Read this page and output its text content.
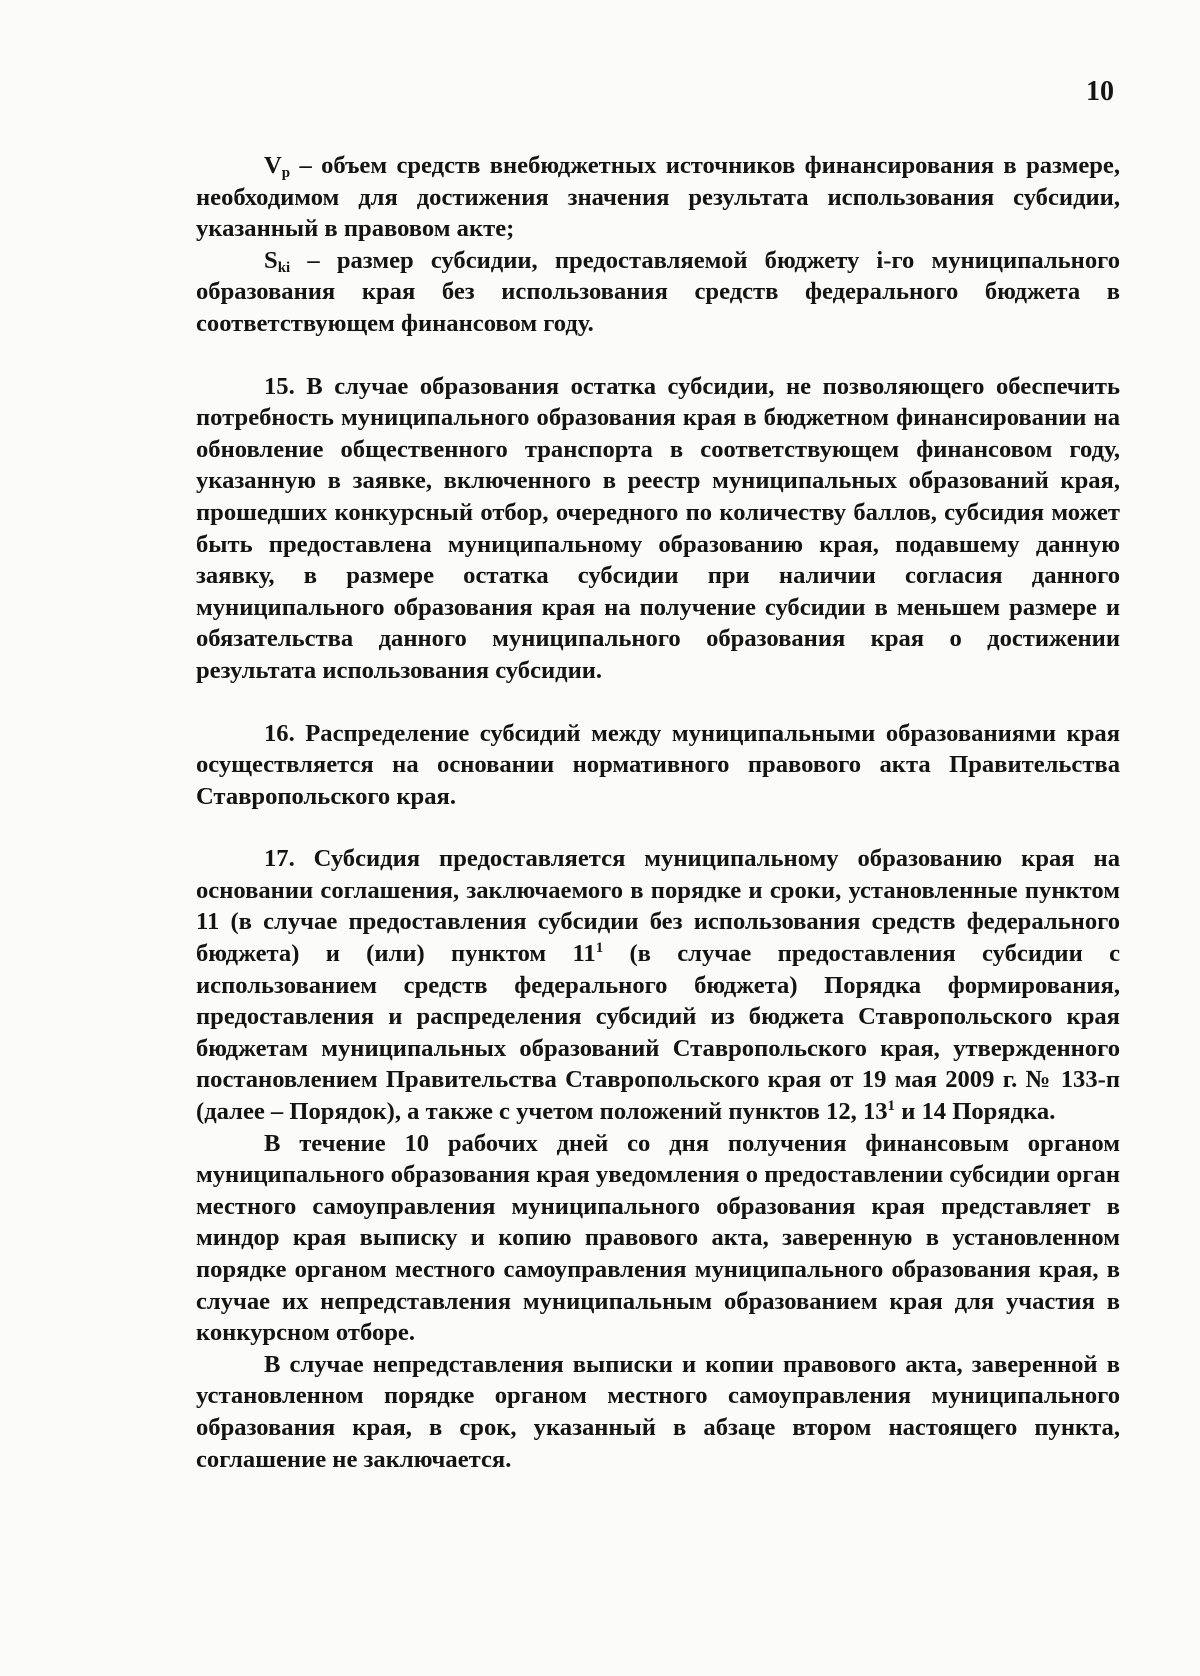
10

$V_p$ – объем средств внебюджетных источников финансирования в размере, необходимом для достижения значения результата использования субсидии, указанный в правовом акте;

$S_{ki}$ – размер субсидии, предоставляемой бюджету i-го муниципального образования края без использования средств федерального бюджета в соответствующем финансовом году.

15. В случае образования остатка субсидии, не позволяющего обеспечить потребность муниципального образования края в бюджетном финансировании на обновление общественного транспорта в соответствующем финансовом году, указанную в заявке, включенного в реестр муниципальных образований края, прошедших конкурсный отбор, очередного по количеству баллов, субсидия может быть предоставлена муниципальному образованию края, подавшему данную заявку, в размере остатка субсидии при наличии согласия данного муниципального образования края на получение субсидии в меньшем размере и обязательства данного муниципального образования края о достижении результата использования субсидии.

16. Распределение субсидий между муниципальными образованиями края осуществляется на основании нормативного правового акта Правительства Ставропольского края.

17. Субсидия предоставляется муниципальному образованию края на основании соглашения, заключаемого в порядке и сроки, установленные пунктом 11 (в случае предоставления субсидии без использования средств федерального бюджета) и (или) пунктом $11^1$ (в случае предоставления субсидии с использованием средств федерального бюджета) Порядка формирования, предоставления и распределения субсидий из бюджета Ставропольского края бюджетам муниципальных образований Ставропольского края, утвержденного постановлением Правительства Ставропольского края от 19 мая 2009 г. № 133-п (далее – Порядок), а также с учетом положений пунктов 12, $13^1$ и 14 Порядка.

В течение 10 рабочих дней со дня получения финансовым органом муниципального образования края уведомления о предоставлении субсидии орган местного самоуправления муниципального образования края представляет в миндор края выписку и копию правового акта, заверенную в установленном порядке органом местного самоуправления муниципального образования края, в случае их непредставления муниципальным образованием края для участия в конкурсном отборе.

В случае непредставления выписки и копии правового акта, заверенной в установленном порядке органом местного самоуправления муниципального образования края, в срок, указанный в абзаце втором настоящего пункта, соглашение не заключается.
